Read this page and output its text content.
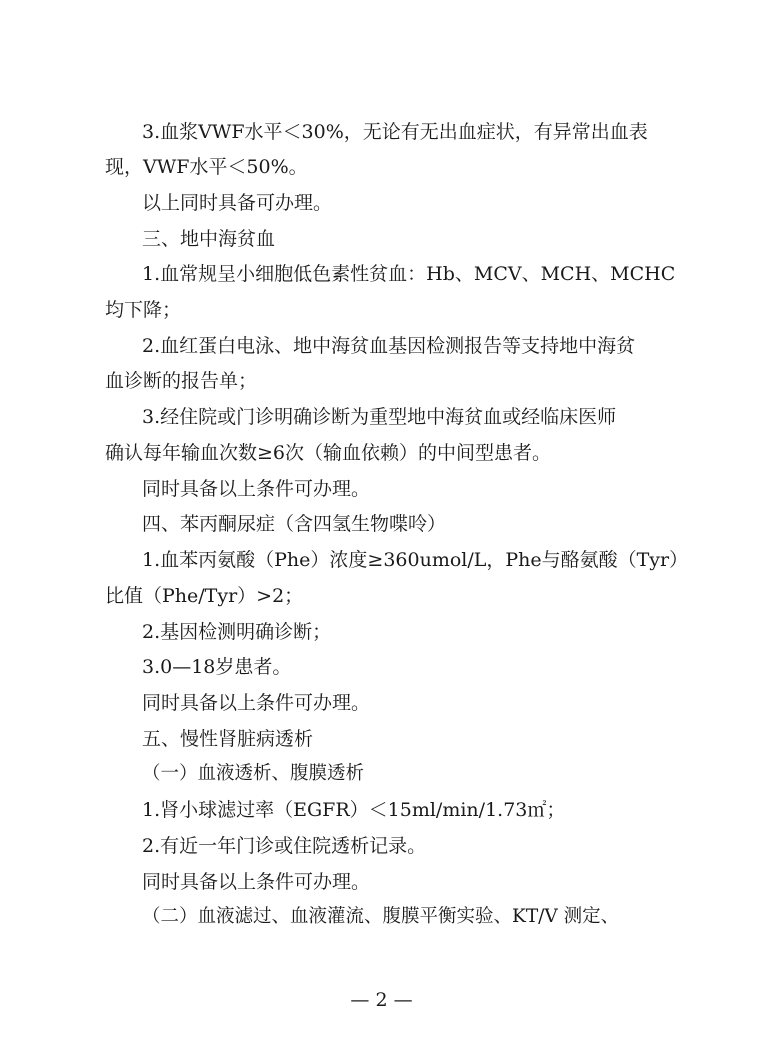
3.血浆VWF水平＜30%，无论有无出血症状，有异常出血表
现，VWF水平＜50%。
以上同时具备可办理。
三、地中海贫血
1.血常规呈小细胞低色素性贫血：Hb、MCV、MCH、MCHC
均下降；
2.血红蛋白电泳、地中海贫血基因检测报告等支持地中海贫
血诊断的报告单；
3.经住院或门诊明确诊断为重型地中海贫血或经临床医师
确认每年输血次数≥6次（输血依赖）的中间型患者。
同时具备以上条件可办理。
四、苯丙酮尿症（含四氢生物喋呤）
1.血苯丙氨酸（Phe）浓度≥360umol/L，Phe与酪氨酸（Tyr）
比值（Phe/Tyr）>2；
2.基因检测明确诊断；
3.0—18岁患者。
同时具备以上条件可办理。
五、慢性肾脏病透析
（一）血液透析、腹膜透析
1.肾小球滤过率（EGFR）＜15ml/min/1.73㎡；
2.有近一年门诊或住院透析记录。
同时具备以上条件可办理。
（二）血液滤过、血液灌流、腹膜平衡实验、KT/V 测定、
— 2 —
